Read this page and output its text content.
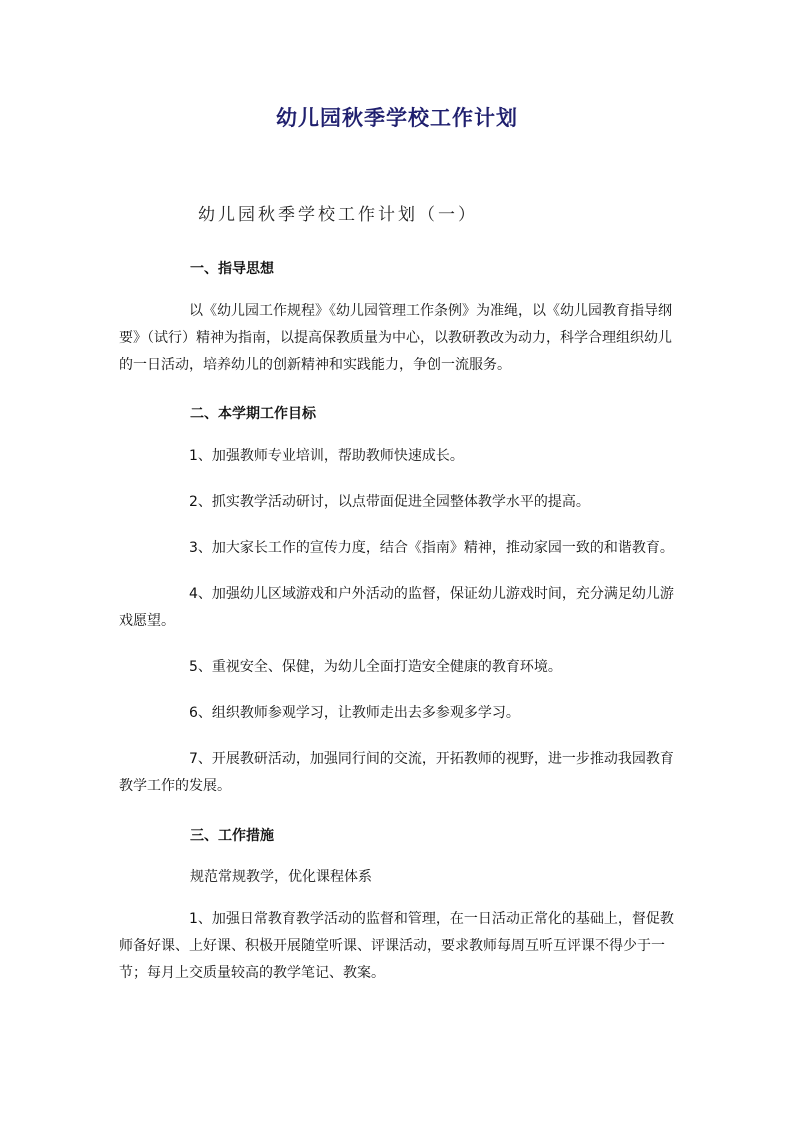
幼儿园秋季学校工作计划
幼儿园秋季学校工作计划（一）
一、指导思想

以《幼儿园工作规程》《幼儿园管理工作条例》为准绳，以《幼儿园教育指导纲要》（试行）精神为指南，以提高保教质量为中心，以教研教改为动力，科学合理组织幼儿的一日活动，培养幼儿的创新精神和实践能力，争创一流服务。

二、本学期工作目标

1、加强教师专业培训，帮助教师快速成长。

2、抓实教学活动研讨，以点带面促进全园整体教学水平的提高。

3、加大家长工作的宣传力度，结合《指南》精神，推动家园一致的和谐教育。

4、加强幼儿区域游戏和户外活动的监督，保证幼儿游戏时间，充分满足幼儿游戏愿望。

5、重视安全、保健，为幼儿全面打造安全健康的教育环境。

6、组织教师参观学习，让教师走出去多参观多学习。

7、开展教研活动，加强同行间的交流，开拓教师的视野，进一步推动我园教育教学工作的发展。

三、工作措施
规范常规教学，优化课程体系

1、加强日常教育教学活动的监督和管理，在一日活动正常化的基础上，督促教师备好课、上好课、积极开展随堂听课、评课活动，要求教师每周互听互评课不得少于一节；每月上交质量较高的教学笔记、教案。
